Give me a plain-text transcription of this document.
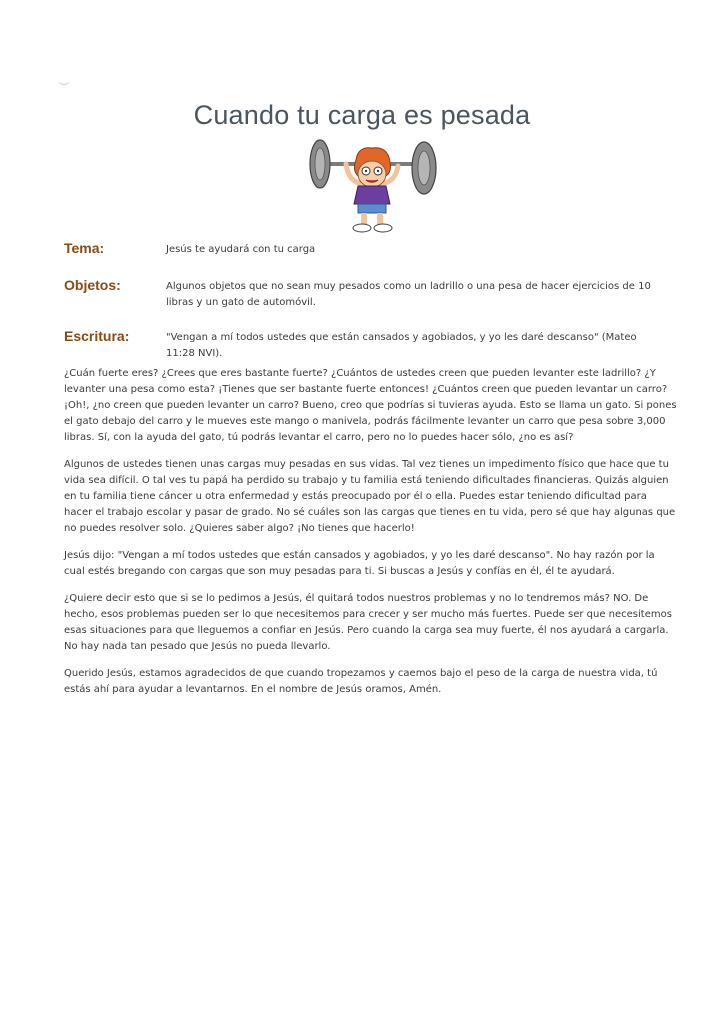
Cuando tu carga es pesada
Tema:	Jesús te ayudará con tu carga
Objetos:	Algunos objetos que no sean muy pesados como un ladrillo o una pesa de hacer ejercicios de 10 libras y un gato de automóvil.
Escritura:	"Vengan a mí todos ustedes que están cansados y agobiados, y yo les daré descanso" (Mateo 11:28 NVI).

¿Cuán fuerte eres? ¿Crees que eres bastante fuerte? ¿Cuántos de ustedes creen que pueden levanter este ladrillo? ¿Y levanter una pesa como esta? ¡Tienes que ser bastante fuerte entonces! ¿Cuántos creen que pueden levantar un carro? ¡Oh!, ¿no creen que pueden levanter un carro? Bueno, creo que podrías si tuvieras ayuda. Esto se llama un gato. Si pones el gato debajo del carro y le mueves este mango o manivela, podrás fácilmente levanter un carro que pesa sobre 3,000 libras. Sí, con la ayuda del gato, tú podrás levantar el carro, pero no lo puedes hacer sólo, ¿no es así?

Algunos de ustedes tienen unas cargas muy pesadas en sus vidas. Tal vez tienes un impedimento físico que hace que tu vida sea difícil. O tal ves tu papá ha perdido su trabajo y tu familia está teniendo dificultades financieras. Quizás alguien en tu familia tiene cáncer u otra enfermedad y estás preocupado por él o ella. Puedes estar teniendo dificultad para hacer el trabajo escolar y pasar de grado. No sé cuáles son las cargas que tienes en tu vida, pero sé que hay algunas que no puedes resolver solo. ¿Quieres saber algo? ¡No tienes que hacerlo!

Jesús dijo: "Vengan a mí todos ustedes que están cansados y agobiados, y yo les daré descanso". No hay razón por la cual estés bregando con cargas que son muy pesadas para ti. Si buscas a Jesús y confías en él, él te ayudará.

¿Quiere decir esto que si se lo pedimos a Jesús, él quitará todos nuestros problemas y no lo tendremos más? NO. De hecho, esos problemas pueden ser lo que necesitemos para crecer y ser mucho más fuertes. Puede ser que necesitemos esas situaciones para que lleguemos a confiar en Jesús. Pero cuando la carga sea muy fuerte, él nos ayudará a cargarla. No hay nada tan pesado que Jesús no pueda llevarlo.

Querido Jesús, estamos agradecidos de que cuando tropezamos y caemos bajo el peso de la carga de nuestra vida, tú estás ahí para ayudar a levantarnos. En el nombre de Jesús oramos, Amén.
